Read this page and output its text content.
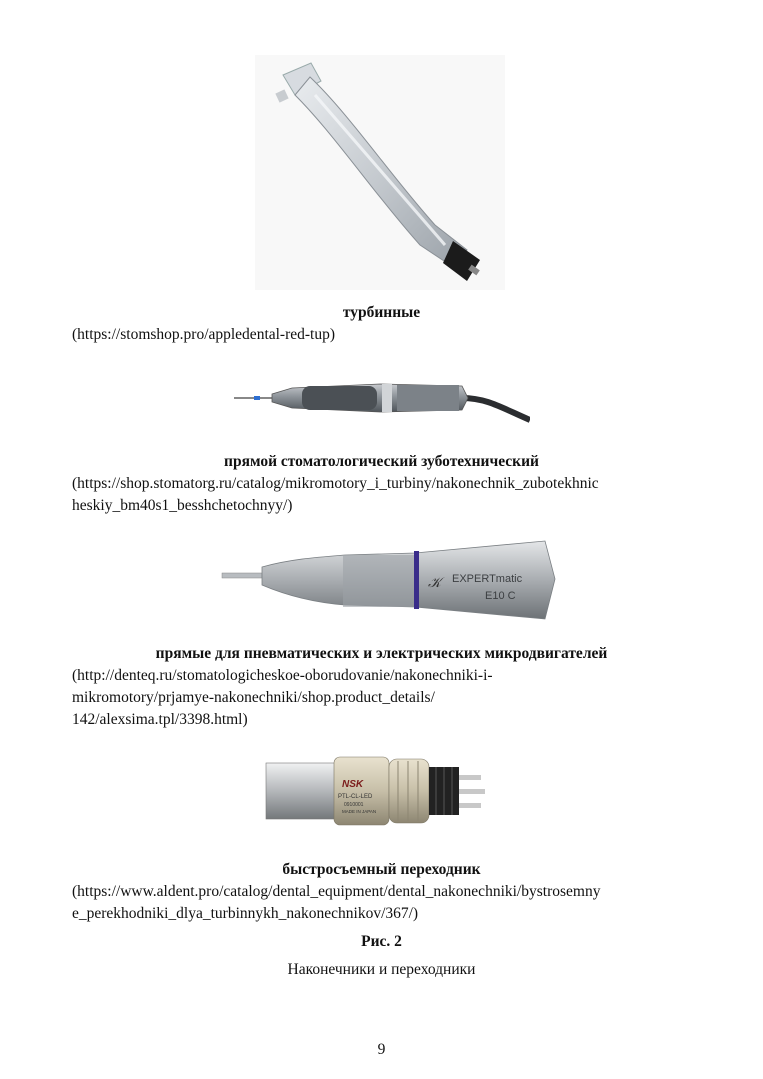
турбинные
(https://stomshop.pro/appledental-red-tup)
прямой стоматологический зуботехнический
(https://shop.stomatorg.ru/catalog/mikromotory_i_turbiny/nakonechnik_zubotekhnic
heskiy_bm40s1_besshchetochnyy/)
𝒦 EXPERTmatic
E10 C
прямые для пневматических и электрических микродвигателей
(http://denteq.ru/stomatologicheskoe-oborudovanie/nakonechniki-i-
mikromotory/prjamye-nakonechniki/shop.product_details/
142/alexsima.tpl/3398.html)
NSK
PTL-CL-LED
0910001
MADE IN JAPAN
быстросъемный переходник
(https://www.aldent.pro/catalog/dental_equipment/dental_nakonechniki/bystrosemny
e_perekhodniki_dlya_turbinnykh_nakonechnikov/367/)
Рис. 2
Наконечники и переходники
9
